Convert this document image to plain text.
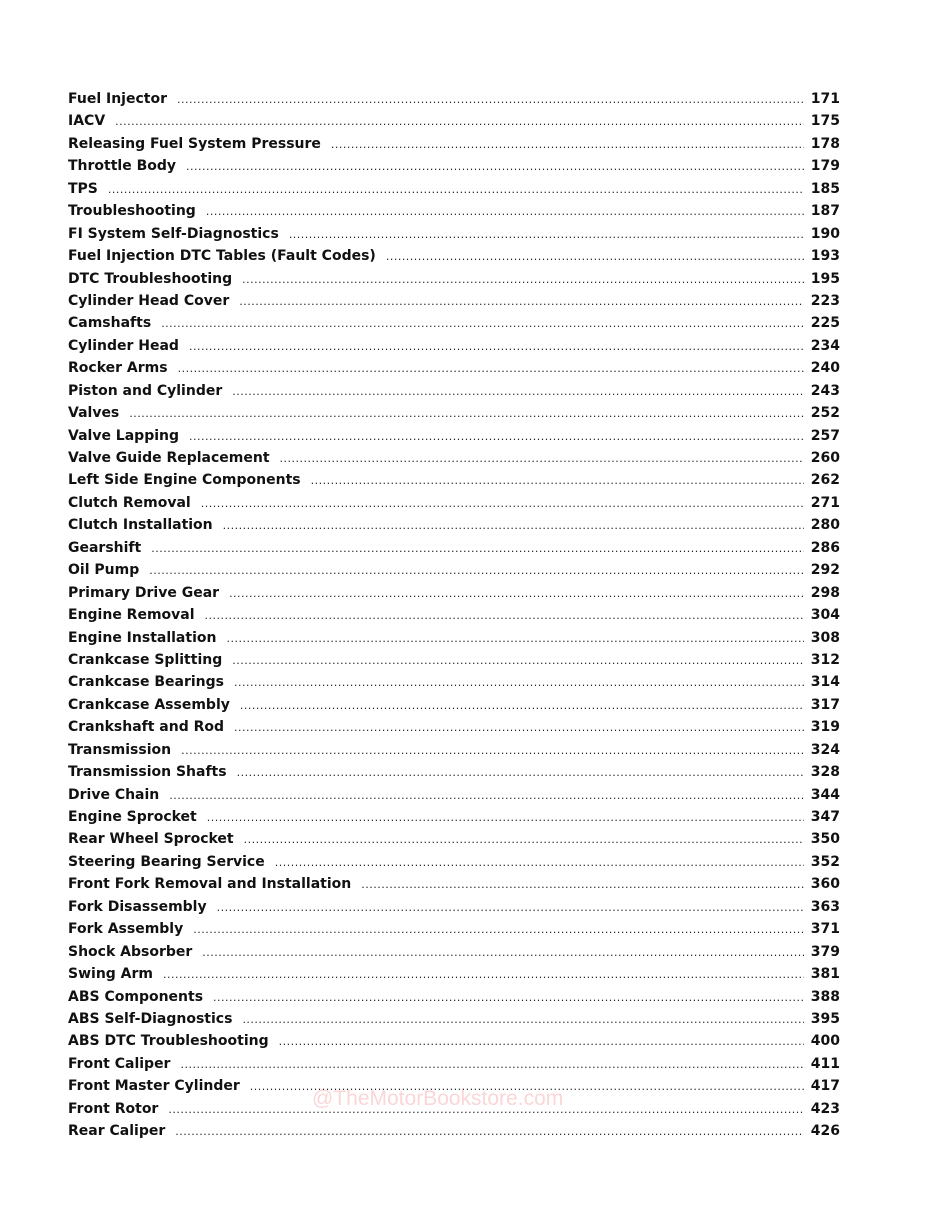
Fuel Injector .....	171
IACV .....	175
Releasing Fuel System Pressure .....	178
Throttle Body .....	179
TPS .....	185
Troubleshooting .....	187
FI System Self-Diagnostics .....	190
Fuel Injection DTC Tables (Fault Codes) .....	193
DTC Troubleshooting .....	195
Cylinder Head Cover .....	223
Camshafts .....	225
Cylinder Head .....	234
Rocker Arms .....	240
Piston and Cylinder .....	243
Valves .....	252
Valve Lapping .....	257
Valve Guide Replacement .....	260
Left Side Engine Components .....	262
Clutch Removal .....	271
Clutch Installation .....	280
Gearshift .....	286
Oil Pump .....	292
Primary Drive Gear .....	298
Engine Removal .....	304
Engine Installation .....	308
Crankcase Splitting .....	312
Crankcase Bearings .....	314
Crankcase Assembly .....	317
Crankshaft and Rod .....	319
Transmission .....	324
Transmission Shafts .....	328
Drive Chain .....	344
Engine Sprocket .....	347
Rear Wheel Sprocket .....	350
Steering Bearing Service .....	352
Front Fork Removal and Installation .....	360
Fork Disassembly .....	363
Fork Assembly .....	371
Shock Absorber .....	379
Swing Arm .....	381
ABS Components .....	388
ABS Self-Diagnostics .....	395
ABS DTC Troubleshooting .....	400
Front Caliper .....	411
Front Master Cylinder .....	417
Front Rotor .....	423
Rear Caliper .....	426
@TheMotorBookstore.com
